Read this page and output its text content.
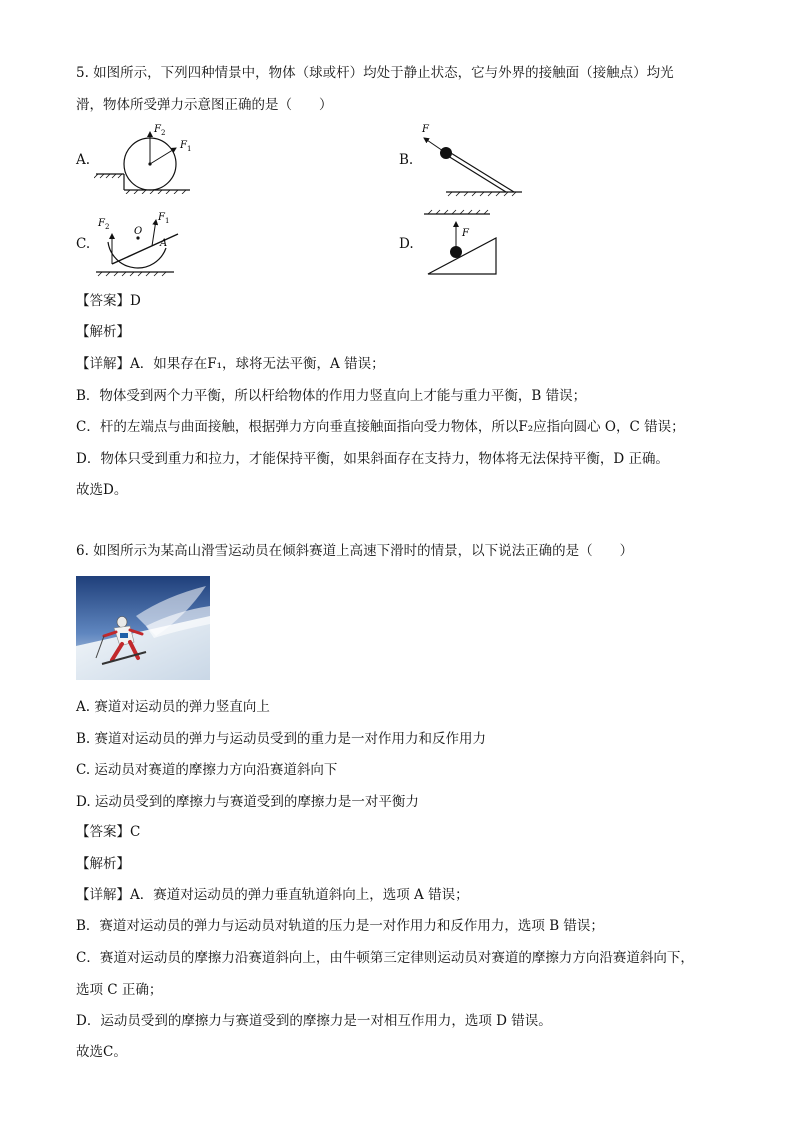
5. 如图所示，下列四种情景中，物体（球或杆）均处于静止状态，它与外界的接触面（接触点）均光
滑，物体所受弹力示意图正确的是（　　）
A.
F 2
F 1
B.
F
C.
F 2
F 1
O
A	D.
F
【答案】D
【解析】
【详解】A．如果存在F₁，球将无法平衡，A 错误；
B．物体受到两个力平衡，所以杆给物体的作用力竖直向上才能与重力平衡，B 错误；
C．杆的左端点与曲面接触，根据弹力方向垂直接触面指向受力物体，所以F₂应指向圆心 O，C 错误；
D．物体只受到重力和拉力，才能保持平衡，如果斜面存在支持力，物体将无法保持平衡，D 正确。
故选D。
6. 如图所示为某高山滑雪运动员在倾斜赛道上高速下滑时的情景，以下说法正确的是（　　）
A. 赛道对运动员的弹力竖直向上
B. 赛道对运动员的弹力与运动员受到的重力是一对作用力和反作用力
C. 运动员对赛道的摩擦力方向沿赛道斜向下
D. 运动员受到的摩擦力与赛道受到的摩擦力是一对平衡力
【答案】C
【解析】
【详解】A．赛道对运动员的弹力垂直轨道斜向上，选项 A 错误；
B．赛道对运动员的弹力与运动员对轨道的压力是一对作用力和反作用力，选项 B 错误；
C．赛道对运动员的摩擦力沿赛道斜向上，由牛顿第三定律则运动员对赛道的摩擦力方向沿赛道斜向下，
选项 C 正确；
D．运动员受到的摩擦力与赛道受到的摩擦力是一对相互作用力，选项 D 错误。
故选C。
